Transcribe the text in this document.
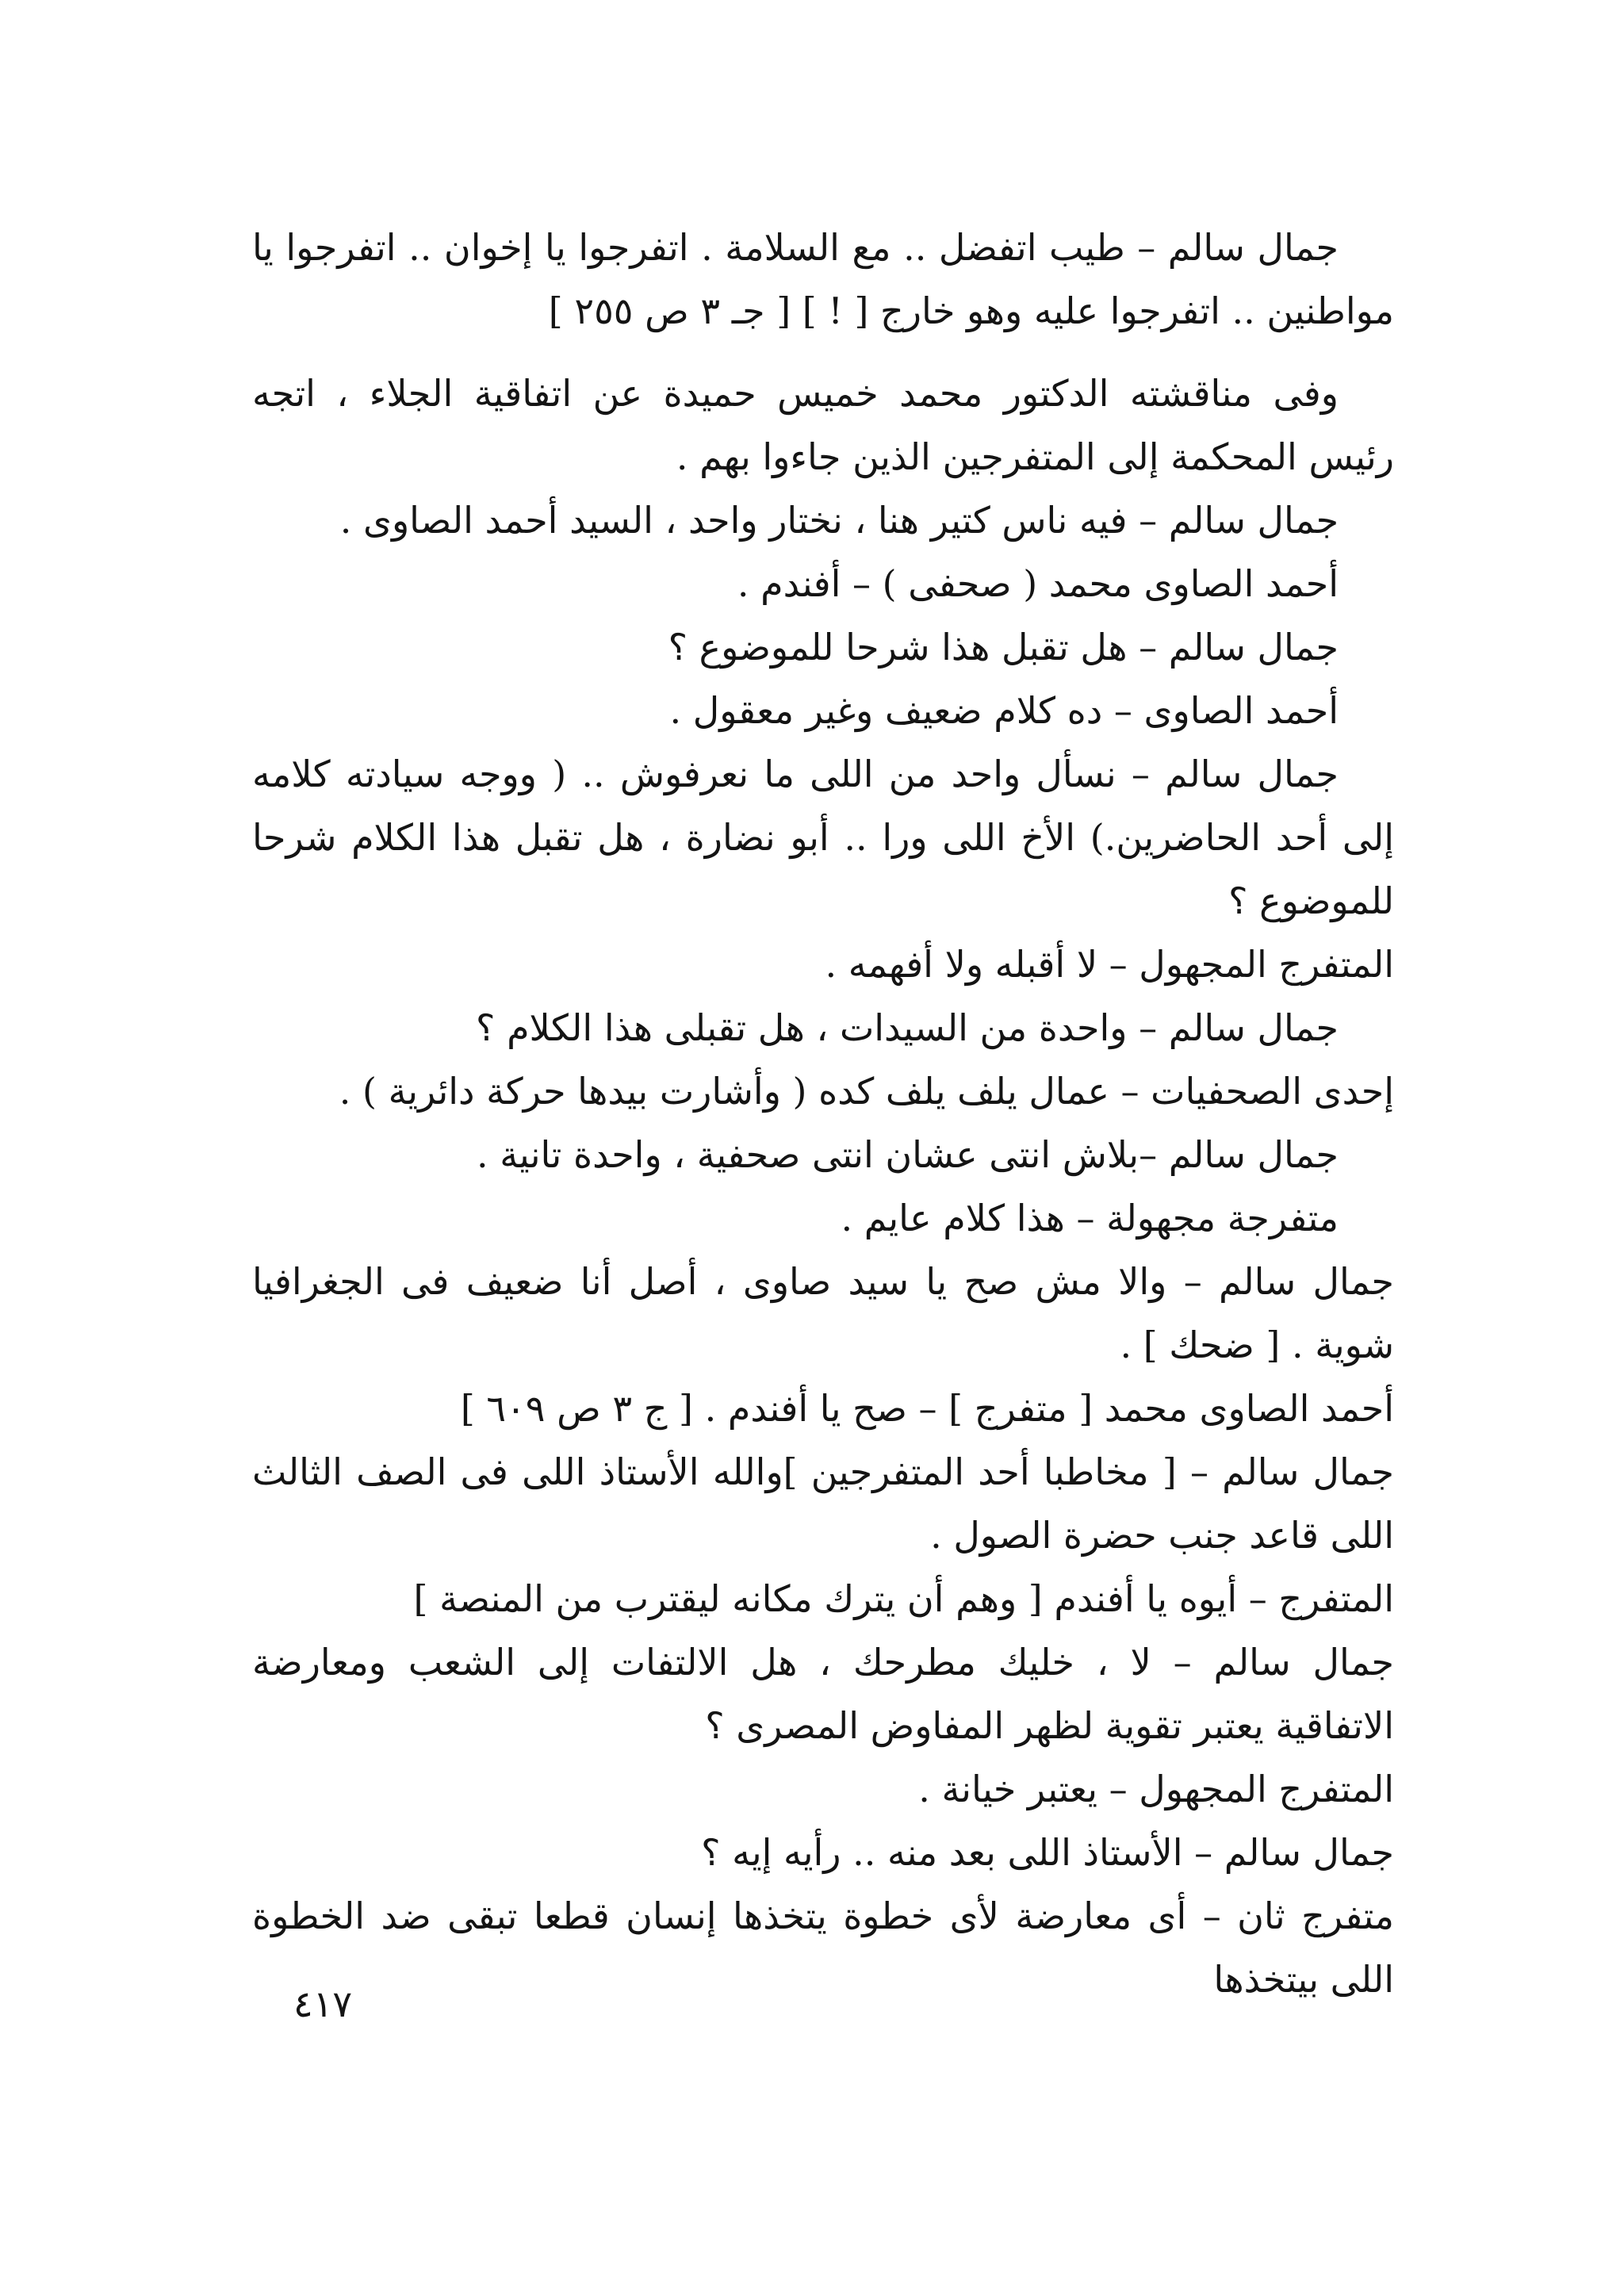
جمال سالم – طيب اتفضل .. مع السلامة . اتفرجوا يا إخوان .. اتفرجوا يا مواطنين .. اتفرجوا عليه وهو خارج [ ! ] [ جـ ٣ ص ٢٥٥ ]

وفى مناقشته الدكتور محمد خميس حميدة عن اتفاقية الجلاء ، اتجه رئيس المحكمة إلى المتفرجين الذين جاءوا بهم .

جمال سالم – فيه ناس كتير هنا ، نختار واحد ، السيد أحمد الصاوى .

أحمد الصاوى محمد ( صحفى ) – أفندم .

جمال سالم – هل تقبل هذا شرحا للموضوع ؟

أحمد الصاوى – ده كلام ضعيف وغير معقول .

جمال سالم – نسأل واحد من اللى ما نعرفوش .. ( ووجه سيادته كلامه إلى أحد الحاضرين.) الأخ اللى ورا .. أبو نضارة ، هل تقبل هذا الكلام شرحا للموضوع ؟

المتفرج المجهول – لا أقبله ولا أفهمه .

جمال سالم – واحدة من السيدات ، هل تقبلى هذا الكلام ؟

إحدى الصحفيات – عمال يلف يلف كده ( وأشارت بيدها حركة دائرية ) .

جمال سالم –بلاش انتى عشان انتى صحفية ، واحدة تانية .

متفرجة مجهولة – هذا كلام عايم .

جمال سالم – والا مش صح يا سيد صاوى ، أصل أنا ضعيف فى الجغرافيا شوية . [ ضحك ] .

أحمد الصاوى محمد [ متفرج ] – صح يا أفندم . [ ج ٣ ص ٦٠٩ ]

جمال سالم – [ مخاطبا أحد المتفرجين ]والله الأستاذ اللى فى الصف الثالث اللى قاعد جنب حضرة الصول .

المتفرج – أيوه يا أفندم [ وهم أن يترك مكانه ليقترب من المنصة ]

جمال سالم – لا ، خليك مطرحك ، هل الالتفات إلى الشعب ومعارضة الاتفاقية يعتبر تقوية لظهر المفاوض المصرى ؟

المتفرج المجهول – يعتبر خيانة .

جمال سالم – الأستاذ اللى بعد منه .. رأيه إيه ؟

متفرج ثان – أى معارضة لأى خطوة يتخذها إنسان قطعا تبقى ضد الخطوة اللى بيتخذها

٤١٧
